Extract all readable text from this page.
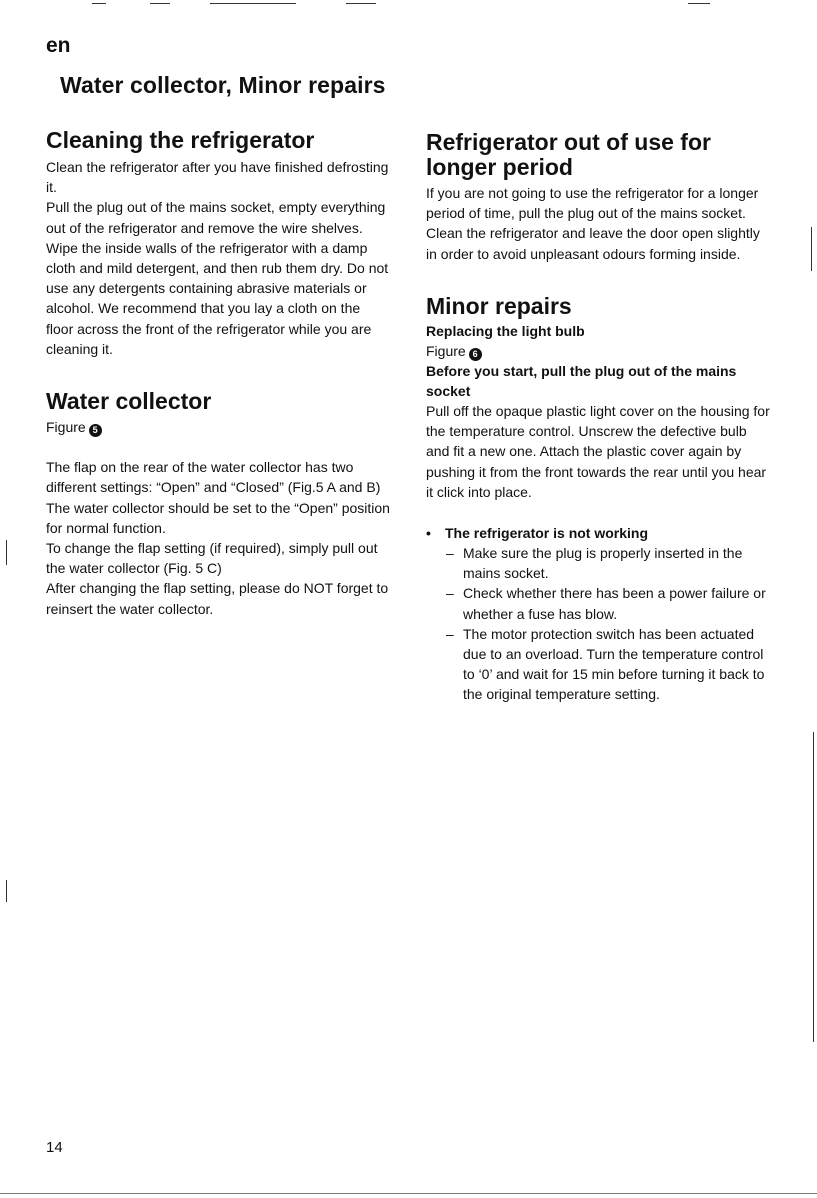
en
Water collector, Minor repairs
Cleaning the refrigerator

Clean the refrigerator after you have finished defrosting it.

Pull the plug out of the mains socket, empty everything out of the refrigerator and remove the wire shelves.

Wipe the inside walls of the refrigerator with a damp cloth and mild detergent, and then rub them dry. Do not use any detergents containing abrasive materials or alcohol. We recommend that you lay a cloth on the floor across the front of the refrigerator while you are cleaning it.

Water collector

Figure 5

The flap on the rear of the water collector has two different settings: “Open” and “Closed” (Fig.5 A and B)

The water collector should be set to the “Open” position for normal function.

To change the flap setting (if required), simply pull out the water collector (Fig. 5 C)

After changing the flap setting, please do NOT forget to reinsert the water collector.

Refrigerator out of use for longer period

If you are not going to use the refrigerator for a longer period of time, pull the plug out of the mains socket. Clean the refrigerator and leave the door open slightly in order to avoid unpleasant odours forming inside.

Minor repairs

Replacing the light bulb

Figure 6

Before you start, pull the plug out of the mains socket

Pull off the opaque plastic light cover on the housing for the temperature control. Unscrew the defective bulb and fit a new one. Attach the plastic cover again by pushing it from the front towards the rear until you hear it click into place.

• The refrigerator is not working
– Make sure the plug is properly inserted in the mains socket.
– Check whether there has been a power failure or whether a fuse has blow.
– The motor protection switch has been actuated due to an overload. Turn the temperature control to ‘0’ and wait for 15 min before turning it back to the original temperature setting.
14
